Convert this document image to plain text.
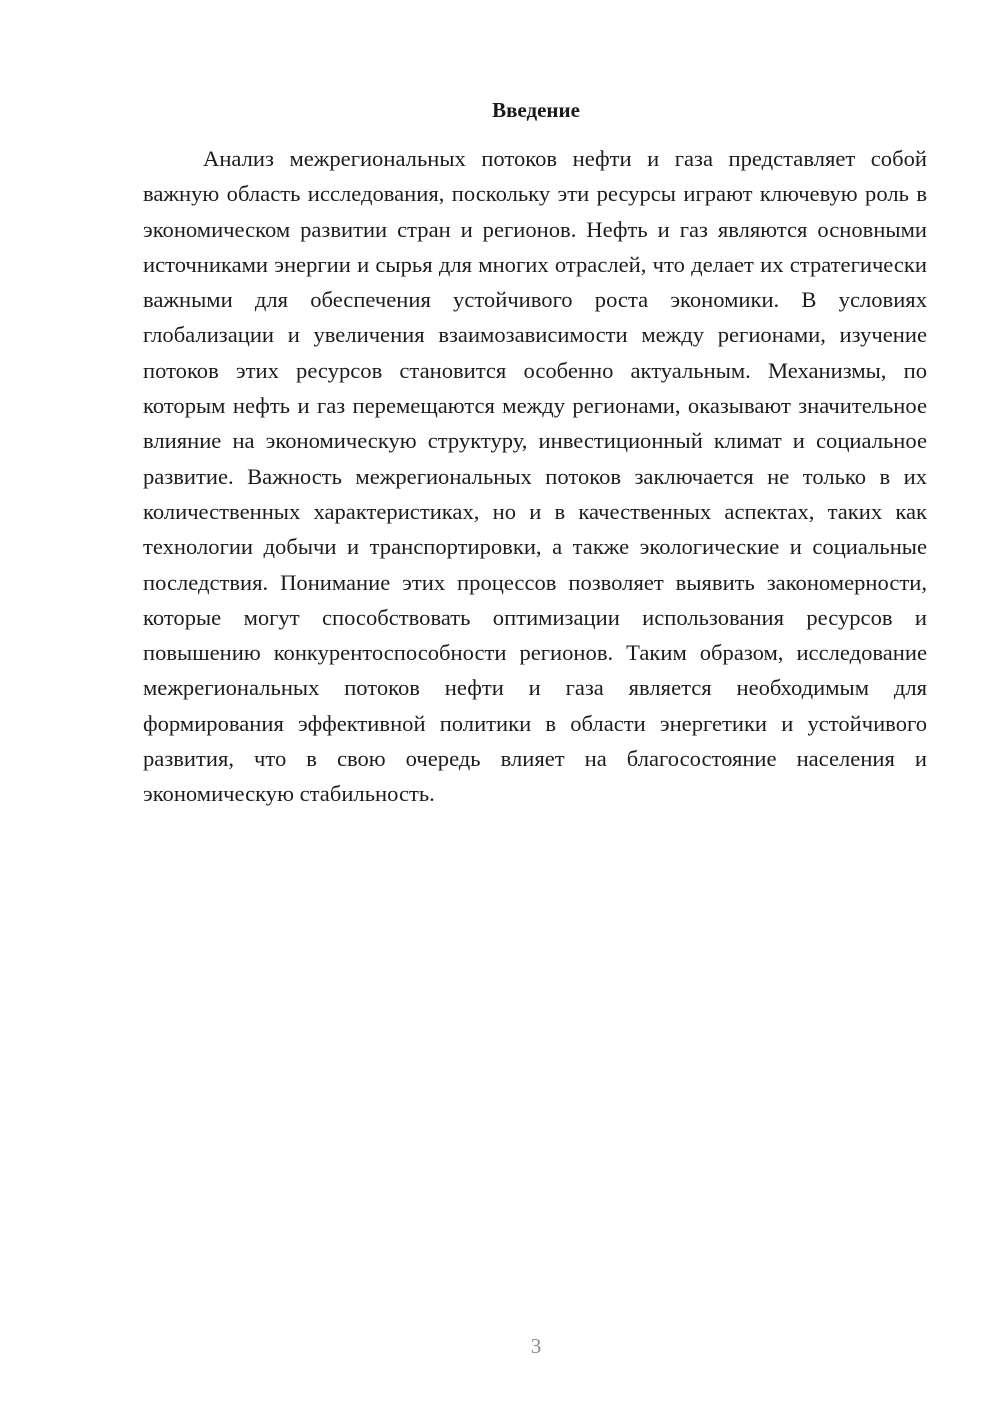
Введение

Анализ межрегиональных потоков нефти и газа представляет собой важную область исследования, поскольку эти ресурсы играют ключевую роль в экономическом развитии стран и регионов. Нефть и газ являются основными источниками энергии и сырья для многих отраслей, что делает их стратегически важными для обеспечения устойчивого роста экономики. В условиях глобализации и увеличения взаимозависимости между регионами, изучение потоков этих ресурсов становится особенно актуальным. Механизмы, по которым нефть и газ перемещаются между регионами, оказывают значительное влияние на экономическую структуру, инвестиционный климат и социальное развитие. Важность межрегиональных потоков заключается не только в их количественных характеристиках, но и в качественных аспектах, таких как технологии добычи и транспортировки, а также экологические и социальные последствия. Понимание этих процессов позволяет выявить закономерности, которые могут способствовать оптимизации использования ресурсов и повышению конкурентоспособности регионов. Таким образом, исследование межрегиональных потоков нефти и газа является необходимым для формирования эффективной политики в области энергетики и устойчивого развития, что в свою очередь влияет на благосостояние населения и экономическую стабильность.

3
